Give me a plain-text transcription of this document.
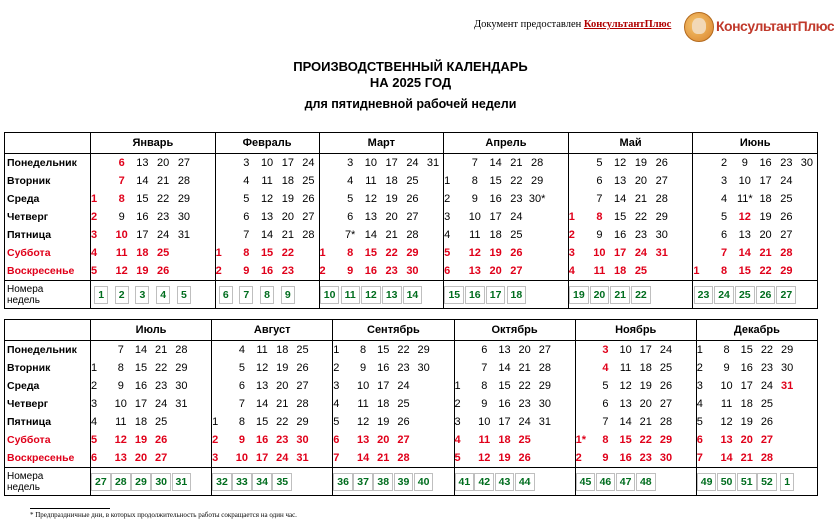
Документ предоставлен КонсультантПлюс	КонсультантПлюс
ПРОИЗВОДСТВЕННЫЙ КАЛЕНДАРЬ
НА 2025 ГОД
для пятидневной рабочей недели
	Январь						Февраль					Март						Апрель						Май						Июнь					
Понедельник		6	13	20	27			3	10	17	24		3	10	17	24	31		7	14	21	28			5	12	19	26			2	9	16	23	30
Вторник		7	14	21	28			4	11	18	25		4	11	18	25		1	8	15	22	29			6	13	20	27			3	10	17	24	
Среда	1	8	15	22	29			5	12	19	26		5	12	19	26		2	9	16	23	30*			7	14	21	28			4	11*	18	25	
Четверг	2	9	16	23	30			6	13	20	27		6	13	20	27		3	10	17	24			1	8	15	22	29			5	12	19	26	
Пятница	3	10	17	24	31			7	14	21	28		7*	14	21	28		4	11	18	25			2	9	16	23	30			6	13	20	27	
Суббота	4	11	18	25			1	8	15	22		1	8	15	22	29		5	12	19	26			3	10	17	24	31			7	14	21	28	
Воскресенье	5	12	19	26			2	9	16	23		2	9	16	23	30		6	13	20	27			4	11	18	25			1	8	15	22	29	

Номера
недель	1	2	3	4	5		6	7	8	9		10	11	12	13	14		15	16	17	18			19	20	21	22			23	24	25	26	27	
	Июль						Август						Сентябрь						Октябрь						Ноябрь						Декабрь					
Понедельник		7	14	21	28			4	11	18	25		1	8	15	22	29			6	13	20	27			3	10	17	24		1	8	15	22	29	
Вторник	1	8	15	22	29			5	12	19	26		2	9	16	23	30			7	14	21	28			4	11	18	25		2	9	16	23	30	
Среда	2	9	16	23	30			6	13	20	27		3	10	17	24			1	8	15	22	29			5	12	19	26		3	10	17	24	31	
Четверг	3	10	17	24	31			7	14	21	28		4	11	18	25			2	9	16	23	30			6	13	20	27		4	11	18	25		
Пятница	4	11	18	25			1	8	15	22	29		5	12	19	26			3	10	17	24	31			7	14	21	28		5	12	19	26		
Суббота	5	12	19	26			2	9	16	23	30		6	13	20	27			4	11	18	25			1*	8	15	22	29		6	13	20	27		
Воскресенье	6	13	20	27			3	10	17	24	31		7	14	21	28			5	12	19	26			2	9	16	23	30		7	14	21	28		

Номера
недель	27	28	29	30	31		32	33	34	35			36	37	38	39	40		41	42	43	44			45	46	47	48			49	50	51	52	1	
* Предпраздничные дни, в которых продолжительность работы сокращается на один час.
